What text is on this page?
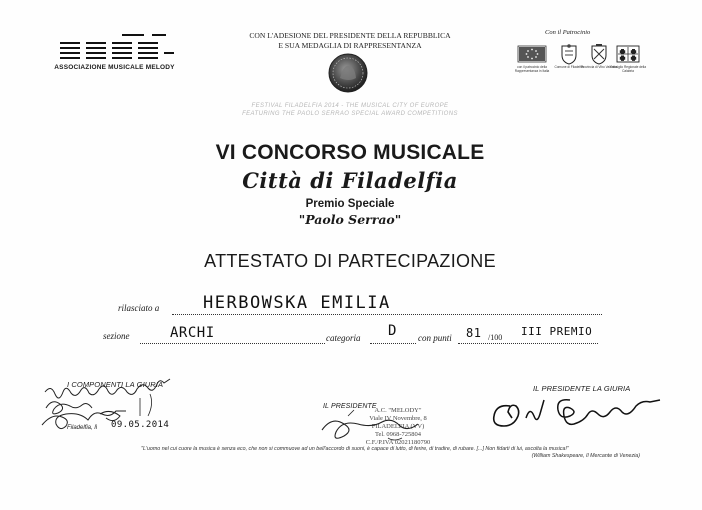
ASSOCIAZIONE MUSICALE MELODY
CON L'ADESIONE DEL PRESIDENTE DELLA REPUBBLICA
E SUA MEDAGLIA DI RAPPRESENTANZA
Con il Patrocinio
con il patrocinio della Rappresentanza in Italia
Comune di Filadelfia
Provincia di Vibo Valentia
Consiglio Regionale della Calabria
FESTIVAL FILADELFIA 2014 - THE MUSICAL CITY OF EUROPE
FEATURING THE PAOLO SERRAO SPECIAL AWARD COMPETITIONS
VI CONCORSO MUSICALE
Città di Filadelfia
Premio Speciale
"Paolo Serrao"
ATTESTATO DI PARTECIPAZIONE
rilasciato a	HERBOWSKA EMILIA
sezione	ARCHI	categoria D con punti 81 /100 III PREMIO
I COMPONENTI LA GIURIA
IL PRESIDENTE
IL PRESIDENTE LA GIURIA
Filadelfia, lì 09.05.2014
A.C. "MELODY"
Viale IV Novembre, 8
FILADELFIA (VV)
Tel. 0968-725804
C.F./P.IVA 02021180790
"L'uomo nel cui cuore la musica è senza eco, che non si commuove ad un bell'accordo di suoni, è capace di lutto, di ferire, di tradire, di rubare. [...] Non fidarti di lui, ascolta la musica!"
(William Shakespeare, Il Mercante di Venezia)
